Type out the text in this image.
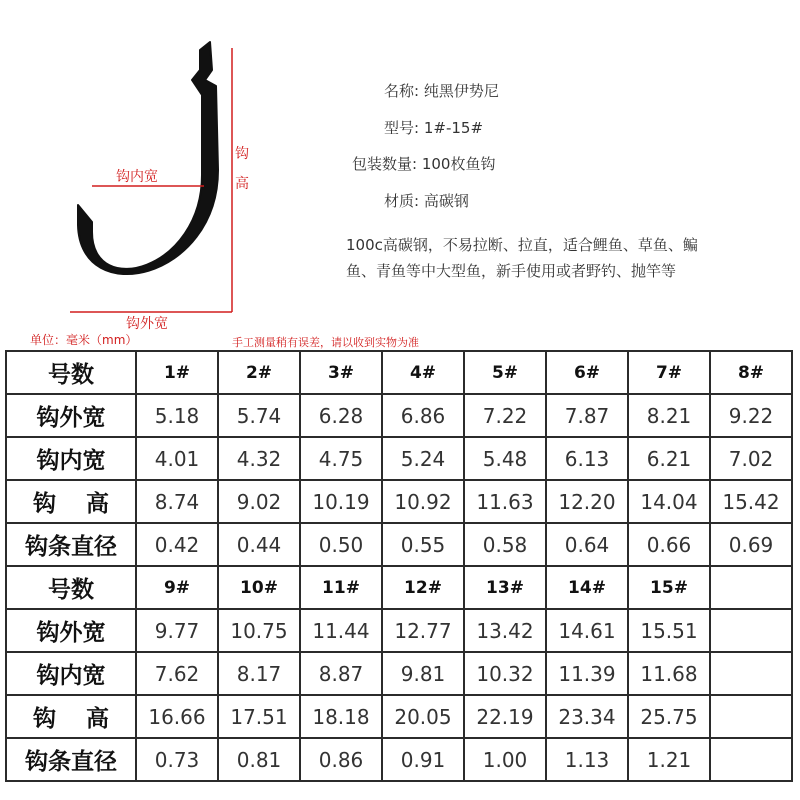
钩内宽
钩
高
钩外宽
名称: 纯黑伊势尼
型号: 1#-15#
包装数量: 100枚鱼钩
材质: 高碳钢
100c高碳钢，不易拉断、拉直，适合鲤鱼、草鱼、鳊鱼、青鱼等中大型鱼，新手使用或者野钓、抛竿等
单位：毫米（mm）	手工测量稍有误差，请以收到实物为准
号数	1#	2#	3#	4#	5#	6#	7#	8#
钩外宽	5.18	5.74	6.28	6.86	7.22	7.87	8.21	9.22
钩内宽	4.01	4.32	4.75	5.24	5.48	6.13	6.21	7.02
钩 高	8.74	9.02	10.19	10.92	11.63	12.20	14.04	15.42
钩条直径	0.42	0.44	0.50	0.55	0.58	0.64	0.66	0.69
号数	9#	10#	11#	12#	13#	14#	15#	
钩外宽	9.77	10.75	11.44	12.77	13.42	14.61	15.51	
钩内宽	7.62	8.17	8.87	9.81	10.32	11.39	11.68	
钩 高	16.66	17.51	18.18	20.05	22.19	23.34	25.75	
钩条直径	0.73	0.81	0.86	0.91	1.00	1.13	1.21	
